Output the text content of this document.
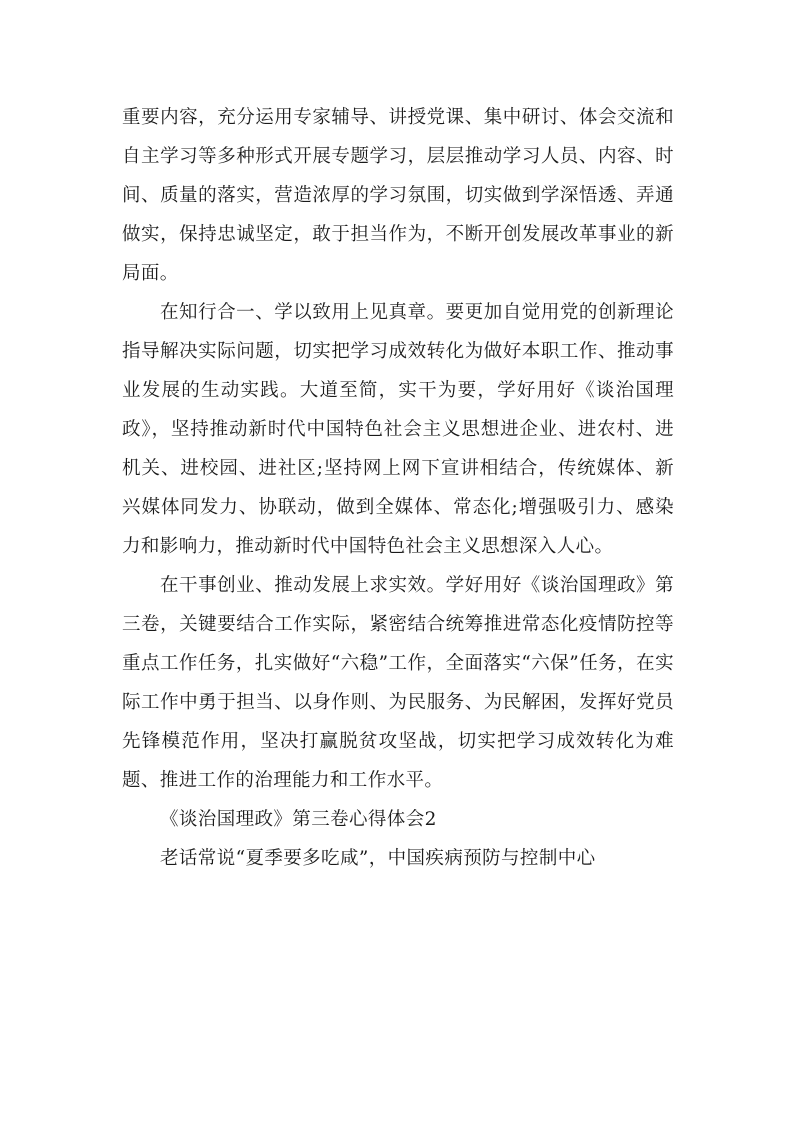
重要内容，充分运用专家辅导、讲授党课、集中研讨、体会交流和自主学习等多种形式开展专题学习，层层推动学习人员、内容、时间、质量的落实，营造浓厚的学习氛围，切实做到学深悟透、弄通做实，保持忠诚坚定，敢于担当作为，不断开创发展改革事业的新局面。

在知行合一、学以致用上见真章。要更加自觉用党的创新理论指导解决实际问题，切实把学习成效转化为做好本职工作、推动事业发展的生动实践。大道至简，实干为要，学好用好《谈治国理政》，坚持推动新时代中国特色社会主义思想进企业、进农村、进机关、进校园、进社区;坚持网上网下宣讲相结合，传统媒体、新兴媒体同发力、协联动，做到全媒体、常态化;增强吸引力、感染力和影响力，推动新时代中国特色社会主义思想深入人心。

在干事创业、推动发展上求实效。学好用好《谈治国理政》第三卷，关键要结合工作实际，紧密结合统筹推进常态化疫情防控等重点工作任务，扎实做好“六稳”工作，全面落实“六保”任务，在实际工作中勇于担当、以身作则、为民服务、为民解困，发挥好党员先锋模范作用，坚决打赢脱贫攻坚战，切实把学习成效转化为难题、推进工作的治理能力和工作水平。

《谈治国理政》第三卷心得体会2

老话常说“夏季要多吃咸”，中国疾病预防与控制中心
